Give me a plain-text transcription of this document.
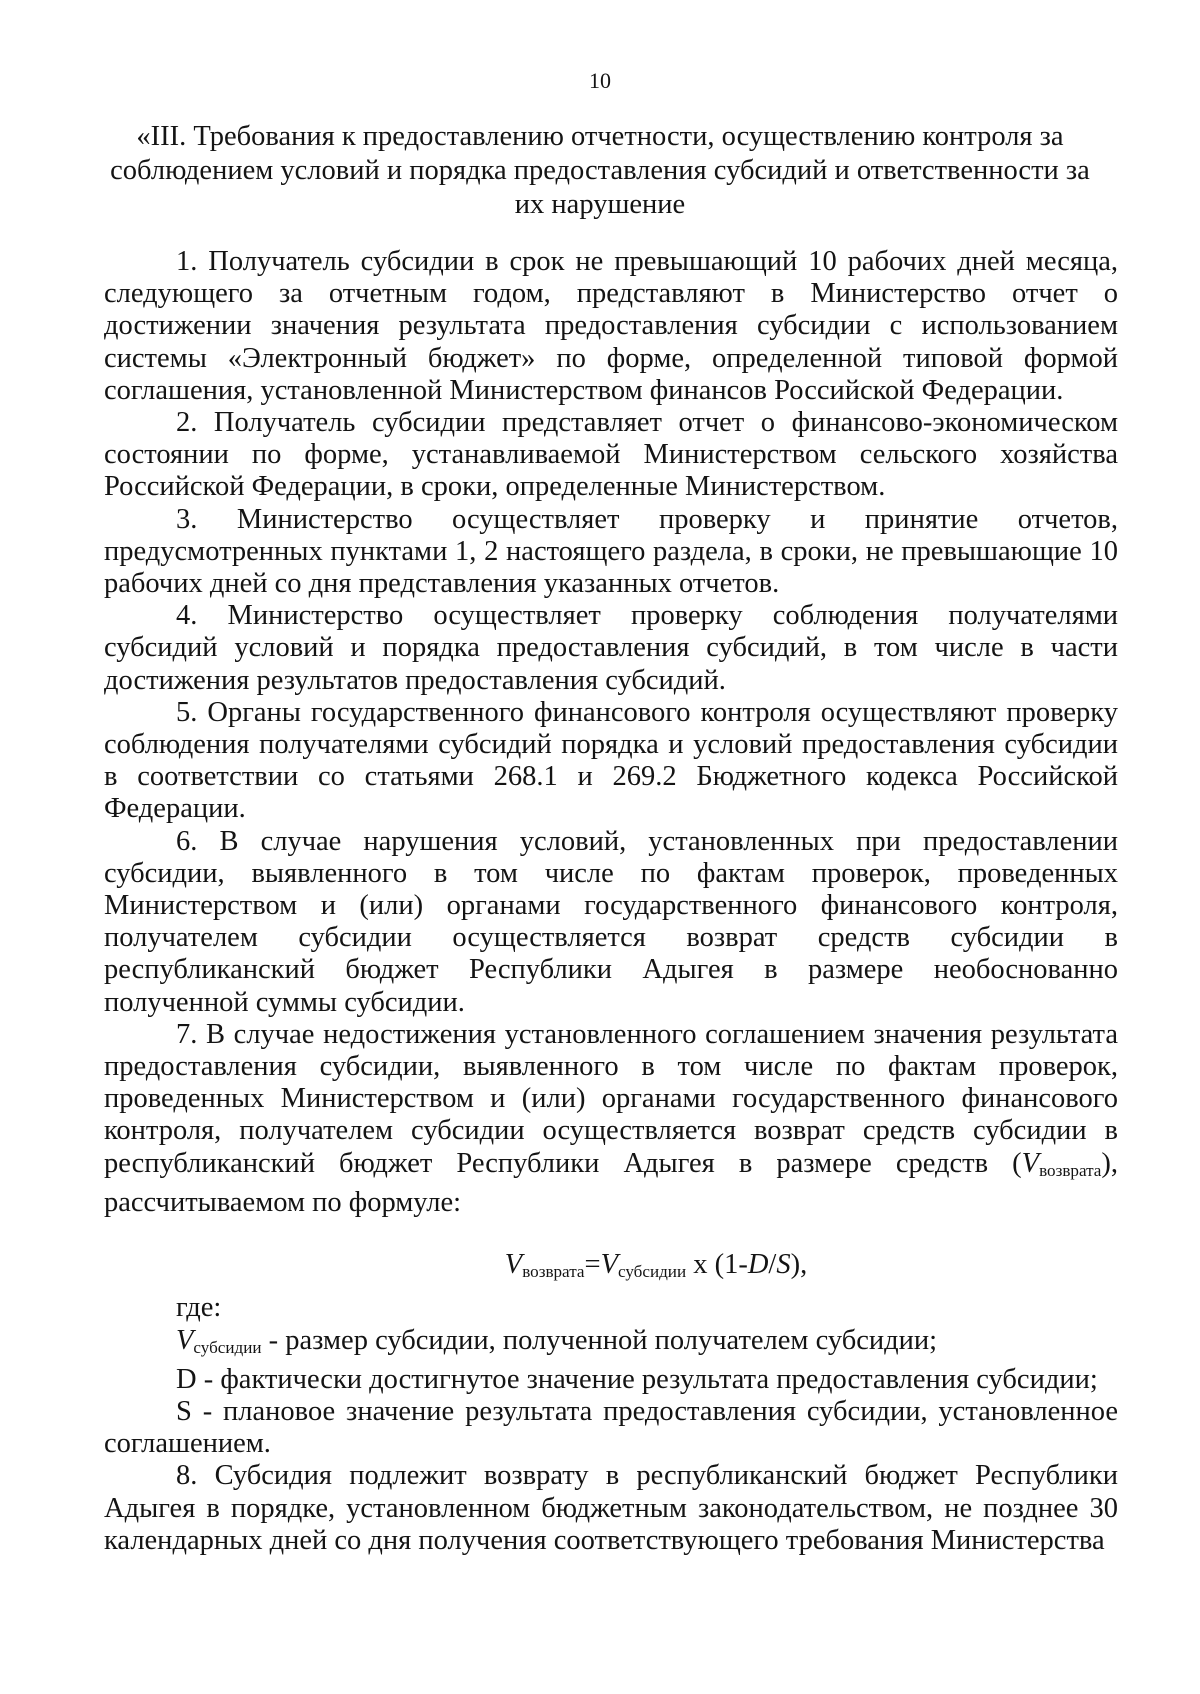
10
«III. Требования к предоставлению отчетности, осуществлению контроля за соблюдением условий и порядка предоставления субсидий и ответственности за их нарушение

1. Получатель субсидии в срок не превышающий 10 рабочих дней месяца, следующего за отчетным годом, представляют в Министерство отчет о достижении значения результата предоставления субсидии с использованием системы «Электронный бюджет» по форме, определенной типовой формой соглашения, установленной Министерством финансов Российской Федерации.

2. Получатель субсидии представляет отчет о финансово-экономическом состоянии по форме, устанавливаемой Министерством сельского хозяйства Российской Федерации, в сроки, определенные Министерством.

3. Министерство осуществляет проверку и принятие отчетов, предусмотренных пунктами 1, 2 настоящего раздела, в сроки, не превышающие 10 рабочих дней со дня представления указанных отчетов.

4. Министерство осуществляет проверку соблюдения получателями субсидий условий и порядка предоставления субсидий, в том числе в части достижения результатов предоставления субсидий.

5. Органы государственного финансового контроля осуществляют проверку соблюдения получателями субсидий порядка и условий предоставления субсидии в соответствии со статьями 268.1 и 269.2 Бюджетного кодекса Российской Федерации.

6. В случае нарушения условий, установленных при предоставлении субсидии, выявленного в том числе по фактам проверок, проведенных Министерством и (или) органами государственного финансового контроля, получателем субсидии осуществляется возврат средств субсидии в республиканский бюджет Республики Адыгея в размере необоснованно полученной суммы субсидии.

7. В случае недостижения установленного соглашением значения результата предоставления субсидии, выявленного в том числе по фактам проверок, проведенных Министерством и (или) органами государственного финансового контроля, получателем субсидии осуществляется возврат средств субсидии в республиканский бюджет Республики Адыгея в размере средств $(V_{возврата})$, рассчитываемом по формуле:

$V_{возврата}=V_{субсидии}$ x (1-D/S),

где:

$V_{субсидии}$ - размер субсидии, полученной получателем субсидии;

D - фактически достигнутое значение результата предоставления субсидии;

S - плановое значение результата предоставления субсидии, установленное соглашением.

8. Субсидия подлежит возврату в республиканский бюджет Республики Адыгея в порядке, установленном бюджетным законодательством, не позднее 30 календарных дней со дня получения соответствующего требования Министерства
